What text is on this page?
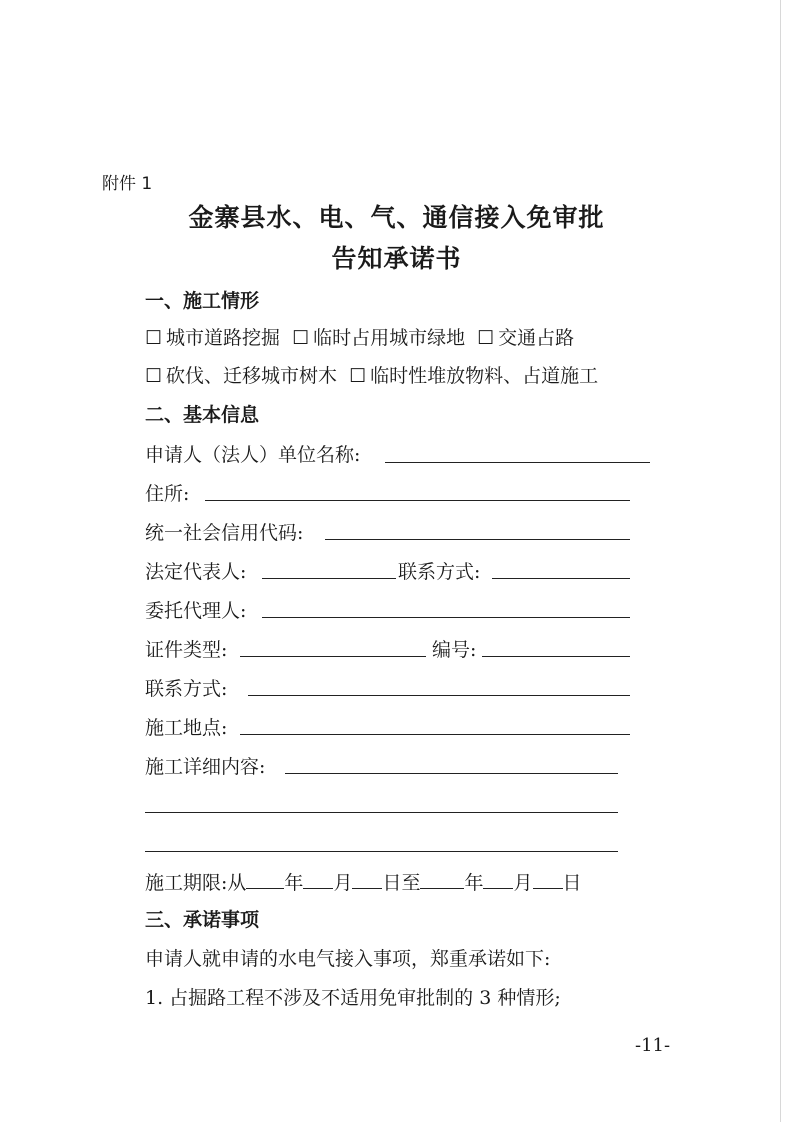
附件 1
金寨县水、电、气、通信接入免审批
告知承诺书
一、施工情形
☐ 城市道路挖掘 ☐ 临时占用城市绿地 ☐ 交通占路
☐ 砍伐、迁移城市树木 ☐ 临时性堆放物料、占道施工
二、基本信息
申请人（法人）单位名称:
住所:
统一社会信用代码:
法定代表人:	联系方式:
委托代理人:
证件类型:	编号:
联系方式:
施工地点:
施工详细内容:
施工期限:从 年 月 日至 年 月 日
三、承诺事项
申请人就申请的水电气接入事项，郑重承诺如下:
1. 占掘路工程不涉及不适用免审批制的 3 种情形;
-11-
